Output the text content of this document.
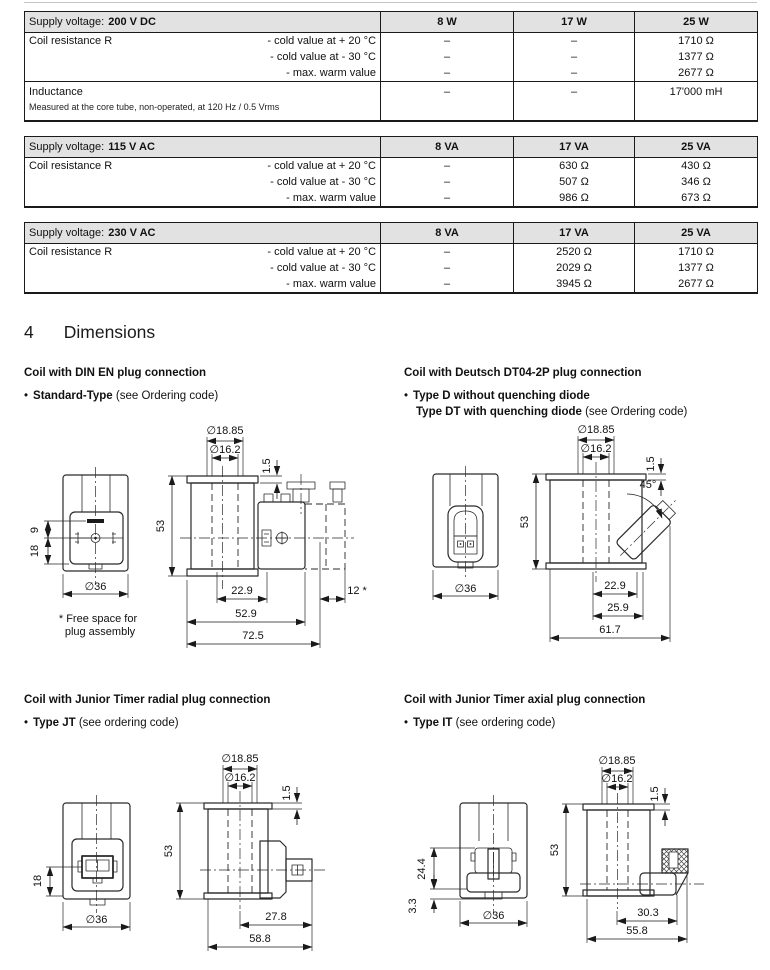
Supply voltage: 200 V DC		8 W	17 W	25 W
Coil resistance R	- cold value at + 20 °C	–	–	1710 Ω
	- cold value at - 30 °C	–	–	1377 Ω
	- max. warm value	–	–	2677 Ω
Inductance		–	–	17'000 mH
Measured at the core tube, non-operated, at 120 Hz / 0.5 Vrms				
Supply voltage: 115 V AC		8 VA	17 VA	25 VA
Coil resistance R	- cold value at + 20 °C	–	630 Ω	430 Ω
	- cold value at - 30 °C	–	507 Ω	346 Ω
	- max. warm value	–	986 Ω	673 Ω
Supply voltage: 230 V AC		8 VA	17 VA	25 VA
Coil resistance R	- cold value at + 20 °C	–	2520 Ω	1710 Ω
	- cold value at - 30 °C	–	2029 Ω	1377 Ω
	- max. warm value	–	3945 Ω	2677 Ω
4 Dimensions
Coil with DIN EN plug connection
• Standard-Type (see Ordering code)
9
18
∅36
* Free space for
plug assembly
53
∅18.85
∅16.2
1.5
22.9	12 *
52.9
72.5
Coil with Deutsch DT04-2P plug connection
• Type D without quenching diode
Type DT with quenching diode (see Ordering code)
∅36
53
∅18.85
∅16.2
1.5
45°
22.9
25.9
61.7
Coil with Junior Timer radial plug connection
• Type JT (see ordering code)
18
∅36
53
∅18.85
∅16.2
1.5
27.8
58.8
Coil with Junior Timer axial plug connection
• Type IT (see ordering code)
24.4
3.3
∅36
53
∅18.85
∅16.2
1.5
30.3
55.8
